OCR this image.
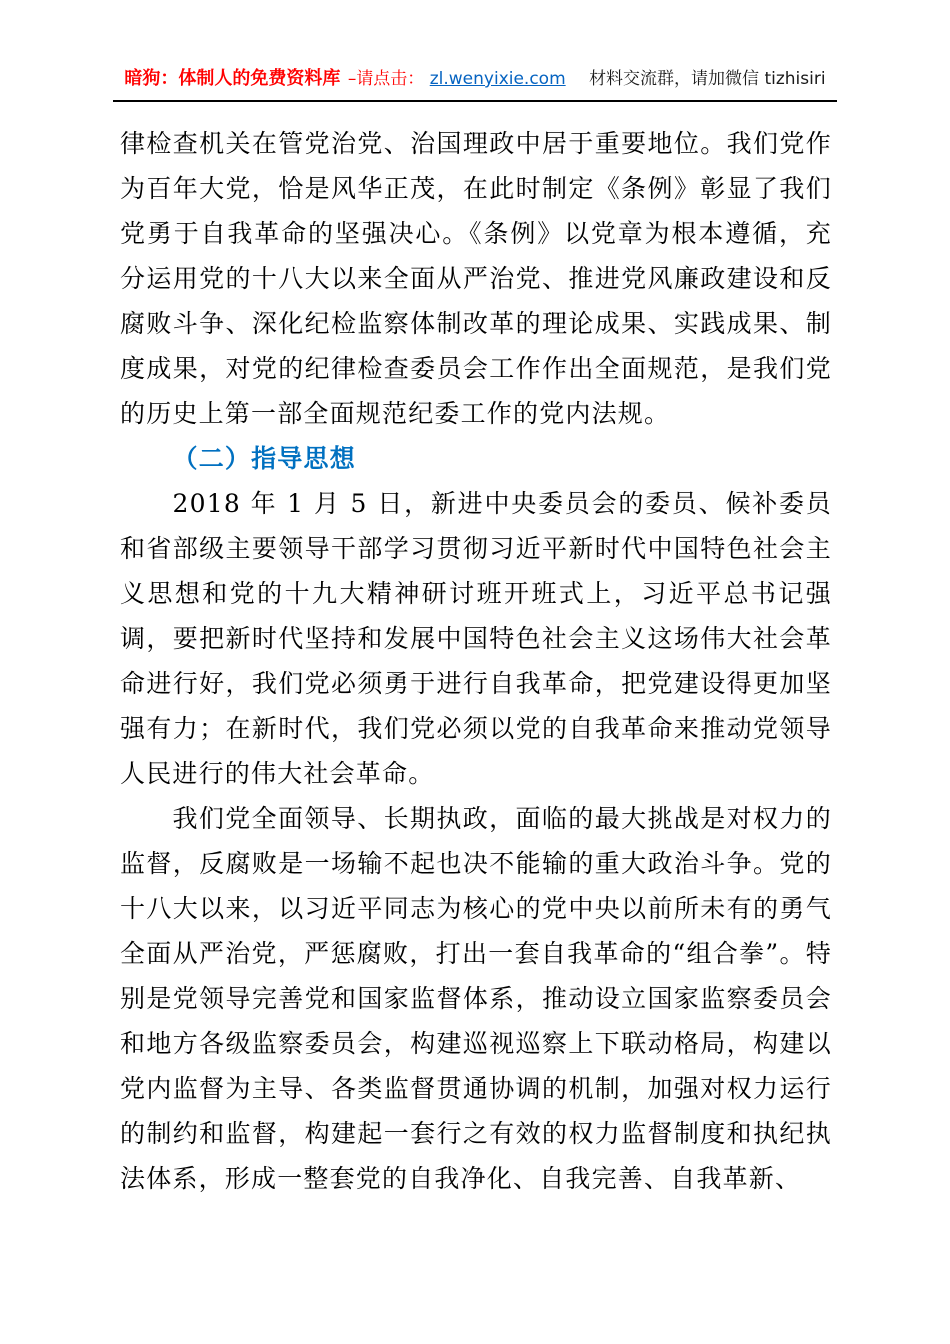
暗狗：体制人的免费资料库 –请点击： zl.wenyixie.com 材料交流群，请加微信 tizhisiri

律检查机关在管党治党、治国理政中居于重要地位。我们党作为百年大党，恰是风华正茂，在此时制定《条例》彰显了我们党勇于自我革命的坚强决心。《条例》以党章为根本遵循，充分运用党的十八大以来全面从严治党、推进党风廉政建设和反腐败斗争、深化纪检监察体制改革的理论成果、实践成果、制度成果，对党的纪律检查委员会工作作出全面规范，是我们党的历史上第一部全面规范纪委工作的党内法规。

（二）指导思想

2018 年 1 月 5 日，新进中央委员会的委员、候补委员和省部级主要领导干部学习贯彻习近平新时代中国特色社会主义思想和党的十九大精神研讨班开班式上，习近平总书记强调，要把新时代坚持和发展中国特色社会主义这场伟大社会革命进行好，我们党必须勇于进行自我革命，把党建设得更加坚强有力；在新时代，我们党必须以党的自我革命来推动党领导人民进行的伟大社会革命。

我们党全面领导、长期执政，面临的最大挑战是对权力的监督，反腐败是一场输不起也决不能输的重大政治斗争。党的十八大以来，以习近平同志为核心的党中央以前所未有的勇气全面从严治党，严惩腐败，打出一套自我革命的“组合拳”。特别是党领导完善党和国家监督体系，推动设立国家监察委员会和地方各级监察委员会，构建巡视巡察上下联动格局，构建以党内监督为主导、各类监督贯通协调的机制，加强对权力运行的制约和监督，构建起一套行之有效的权力监督制度和执纪执法体系，形成一整套党的自我净化、自我完善、自我革新、
